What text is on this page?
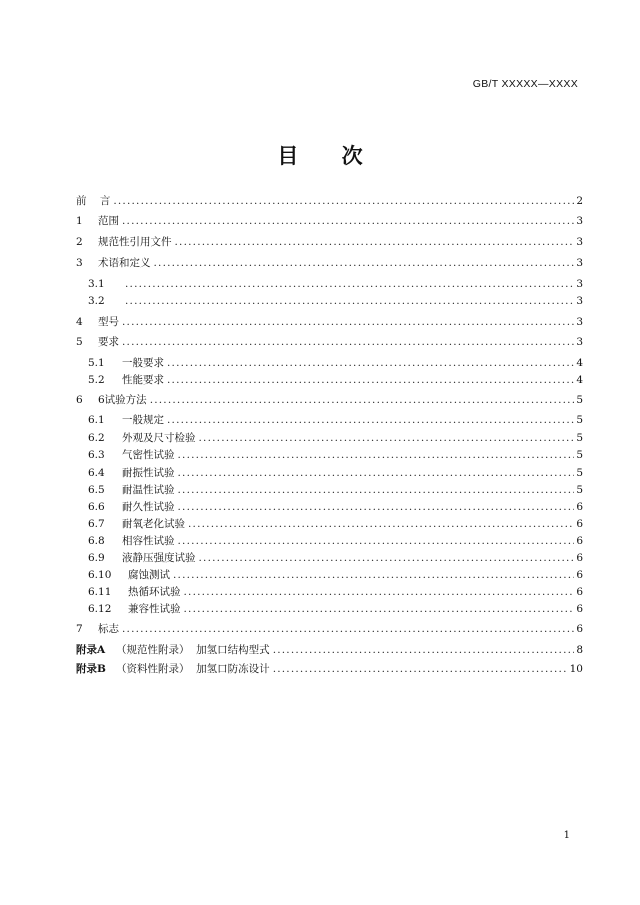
GB/T XXXXX—XXXX
目 次
前    言 .....	2
1	范围 .....	3
2	规范性引用文件 .....	3
3	术语和定义 .....	3
3.1 .....	3
3.2 .....	3
4	型号 .....	3
5	要求 .....	3
5.1	一般要求 .....	4
5.2	性能要求 .....	4
6	6试验方法 .....	5
6.1	一般规定 .....	5
6.2	外观及尺寸检验 .....	5
6.3	气密性试验 .....	5
6.4	耐振性试验 .....	5
6.5	耐温性试验 .....	5
6.6	耐久性试验 .....	6
6.7	耐氧老化试验 .....	6
6.8	相容性试验 .....	6
6.9	液静压强度试验 .....	6
6.10	腐蚀测试 .....	6
6.11	热循环试验 .....	6
6.12	兼容性试验 .....	6
7	标志 .....	6
附录A	（规范性附录）  加氢口结构型式 .....	8
附录B （资料性附录）  加氢口防冻设计 .....	10
1
